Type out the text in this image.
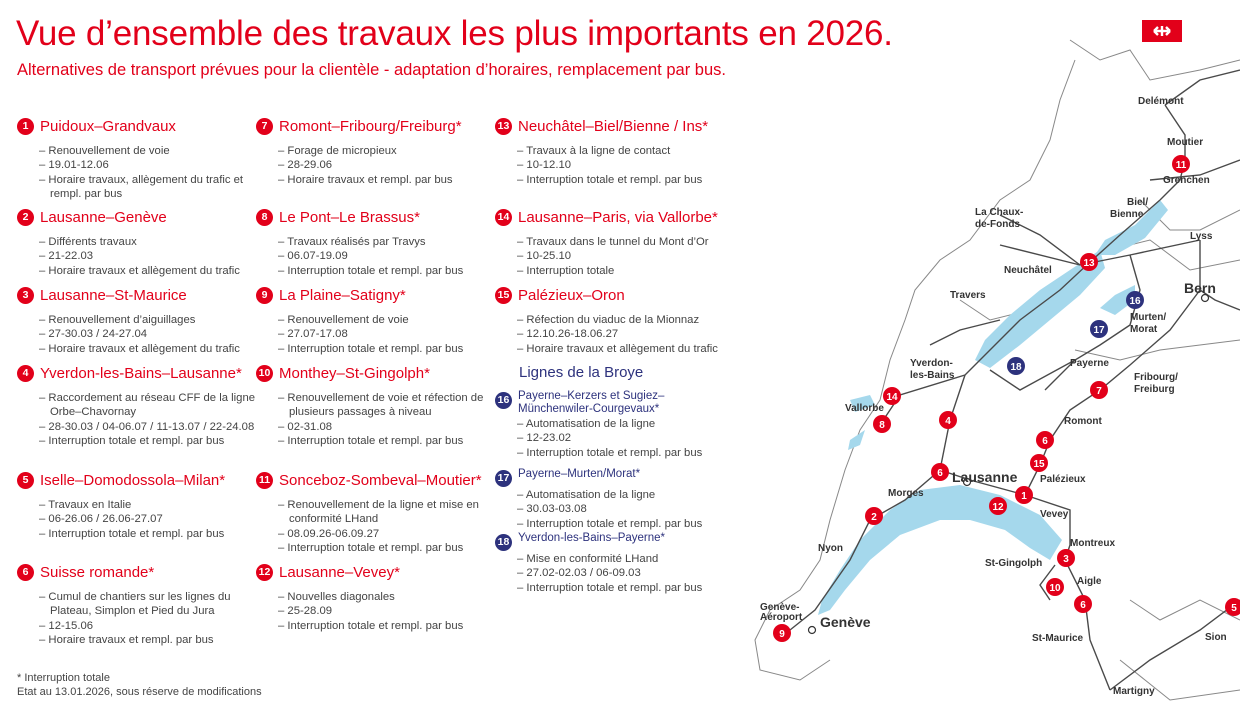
Vue d’ensemble des travaux les plus importants en 2026.
Alternatives de transport prévues pour la clientèle - adaptation d’horaires, remplacement par bus.
1 Puidoux–Grandvaux
– Renouvellement de voie
– 19.01-12.06
– Horaire travaux, allègement du trafic et rempl. par bus
2 Lausanne–Genève
– Différents travaux
– 21-22.03
– Horaire travaux et allègement du trafic
3 Lausanne–St-Maurice
– Renouvellement d’aiguillages
– 27-30.03 / 24-27.04
– Horaire travaux et allègement du trafic
4 Yverdon-les-Bains–Lausanne*
– Raccordement au réseau CFF de la ligne Orbe–Chavornay
– 28-30.03 / 04-06.07 / 11-13.07 / 22-24.08
– Interruption totale et rempl. par bus
5 Iselle–Domodossola–Milan*
– Travaux en Italie
– 06-26.06 / 26.06-27.07
– Interruption totale et rempl. par bus
6 Suisse romande*
– Cumul de chantiers sur les lignes du Plateau, Simplon et Pied du Jura
– 12-15.06
– Horaire travaux et rempl. par bus
7 Romont–Fribourg/Freiburg*
– Forage de micropieux
– 28-29.06
– Horaire travaux et rempl. par bus
8 Le Pont–Le Brassus*
– Travaux réalisés par Travys
– 06.07-19.09
– Interruption totale et rempl. par bus
9 La Plaine–Satigny*
– Renouvellement de voie
– 27.07-17.08
– Interruption totale et rempl. par bus
10 Monthey–St-Gingolph*
– Renouvellement de voie et réfection de plusieurs passages à niveau
– 02-31.08
– Interruption totale et rempl. par bus
11 Sonceboz-Sombeval–Moutier*
– Renouvellement de la ligne et mise en conformité LHand
– 08.09.26-06.09.27
– Interruption totale et rempl. par bus
12 Lausanne–Vevey*
– Nouvelles diagonales
– 25-28.09
– Interruption totale et rempl. par bus
13 Neuchâtel–Biel/Bienne / Ins*
– Travaux à la ligne de contact
– 10-12.10
– Interruption totale et rempl. par bus
14 Lausanne–Paris, via Vallorbe*
– Travaux dans le tunnel du Mont d’Or
– 10-25.10
– Interruption totale
15 Palézieux–Oron
– Réfection du viaduc de la Mionnaz
– 12.10.26-18.06.27
– Horaire travaux et allègement du trafic
Lignes de la Broye
16 Payerne–Kerzers et Sugiez–Münchenwiler-Courgevaux*
– Automatisation de la ligne
– 12-23.02
– Interruption totale et rempl. par bus
17 Payerne–Murten/Morat*
– Automatisation de la ligne
– 30.03-03.08
– Interruption totale et rempl. par bus
18 Yverdon-les-Bains–Payerne*
– Mise en conformité LHand
– 27.02-02.03 / 06-09.03
– Interruption totale et rempl. par bus
* Interruption totale
Etat au 13.01.2026, sous réserve de modifications
Delémont
Moutier
Grenchen
Biel/
Bienne
La Chaux-
de-Fonds
Lyss
Neuchâtel
Bern
Travers
Murten/
Morat
Yverdon-
les-Bains
Payerne
Fribourg/
Freiburg
Vallorbe
Romont
Lausanne Palézieux
Morges
Vevey
Montreux
Nyon
St-Gingolph
Aigle
Genève-
Aéroport Genève
St-Maurice	Sion
Martigny
11
13
16
17
18
14
8	4
7
6
15
1
12
6
2
3
10
6
9
5
